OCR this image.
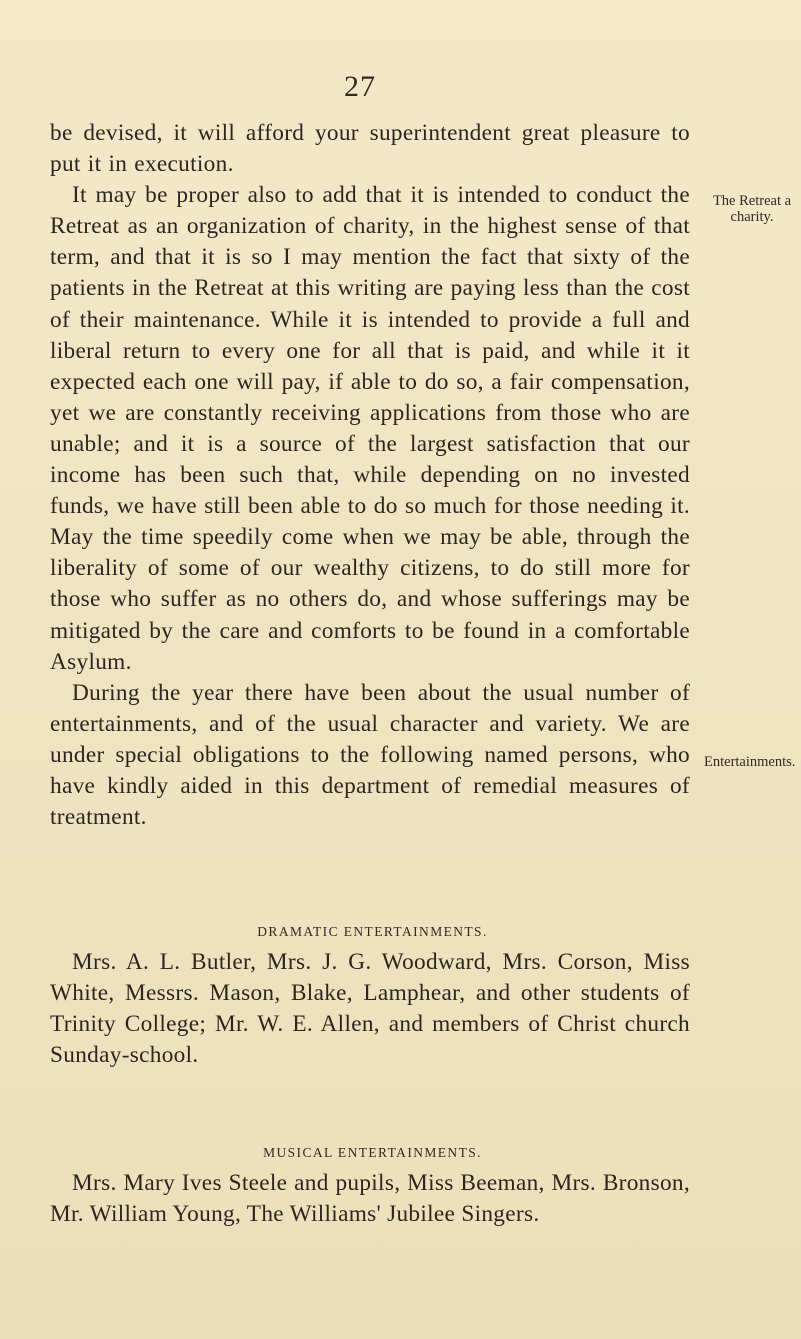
27

be devised, it will afford your superintendent great pleasure to put it in execution.

It may be proper also to add that it is intended to conduct the Retreat as an organization of charity, in the highest sense of that term, and that it is so I may mention the fact that sixty of the patients in the Retreat at this writing are paying less than the cost of their maintenance. While it is intended to provide a full and liberal return to every one for all that is paid, and while it it expected each one will pay, if able to do so, a fair compensation, yet we are constantly receiving applications from those who are unable; and it is a source of the largest satisfaction that our income has been such that, while depending on no invested funds, we have still been able to do so much for those needing it. May the time speedily come when we may be able, through the liberality of some of our wealthy citizens, to do still more for those who suffer as no others do, and whose sufferings may be mitigated by the care and comforts to be found in a comfortable Asylum.

During the year there have been about the usual number of entertainments, and of the usual character and variety. We are under special obligations to the following named persons, who have kindly aided in this department of remedial measures of treatment.

The Retreat a charity.
Entertainments.
DRAMATIC ENTERTAINMENTS.

Mrs. A. L. Butler, Mrs. J. G. Woodward, Mrs. Corson, Miss White, Messrs. Mason, Blake, Lamphear, and other students of Trinity College; Mr. W. E. Allen, and members of Christ church Sunday-school.

MUSICAL ENTERTAINMENTS.

Mrs. Mary Ives Steele and pupils, Miss Beeman, Mrs. Bronson, Mr. William Young, The Williams' Jubilee Singers.
